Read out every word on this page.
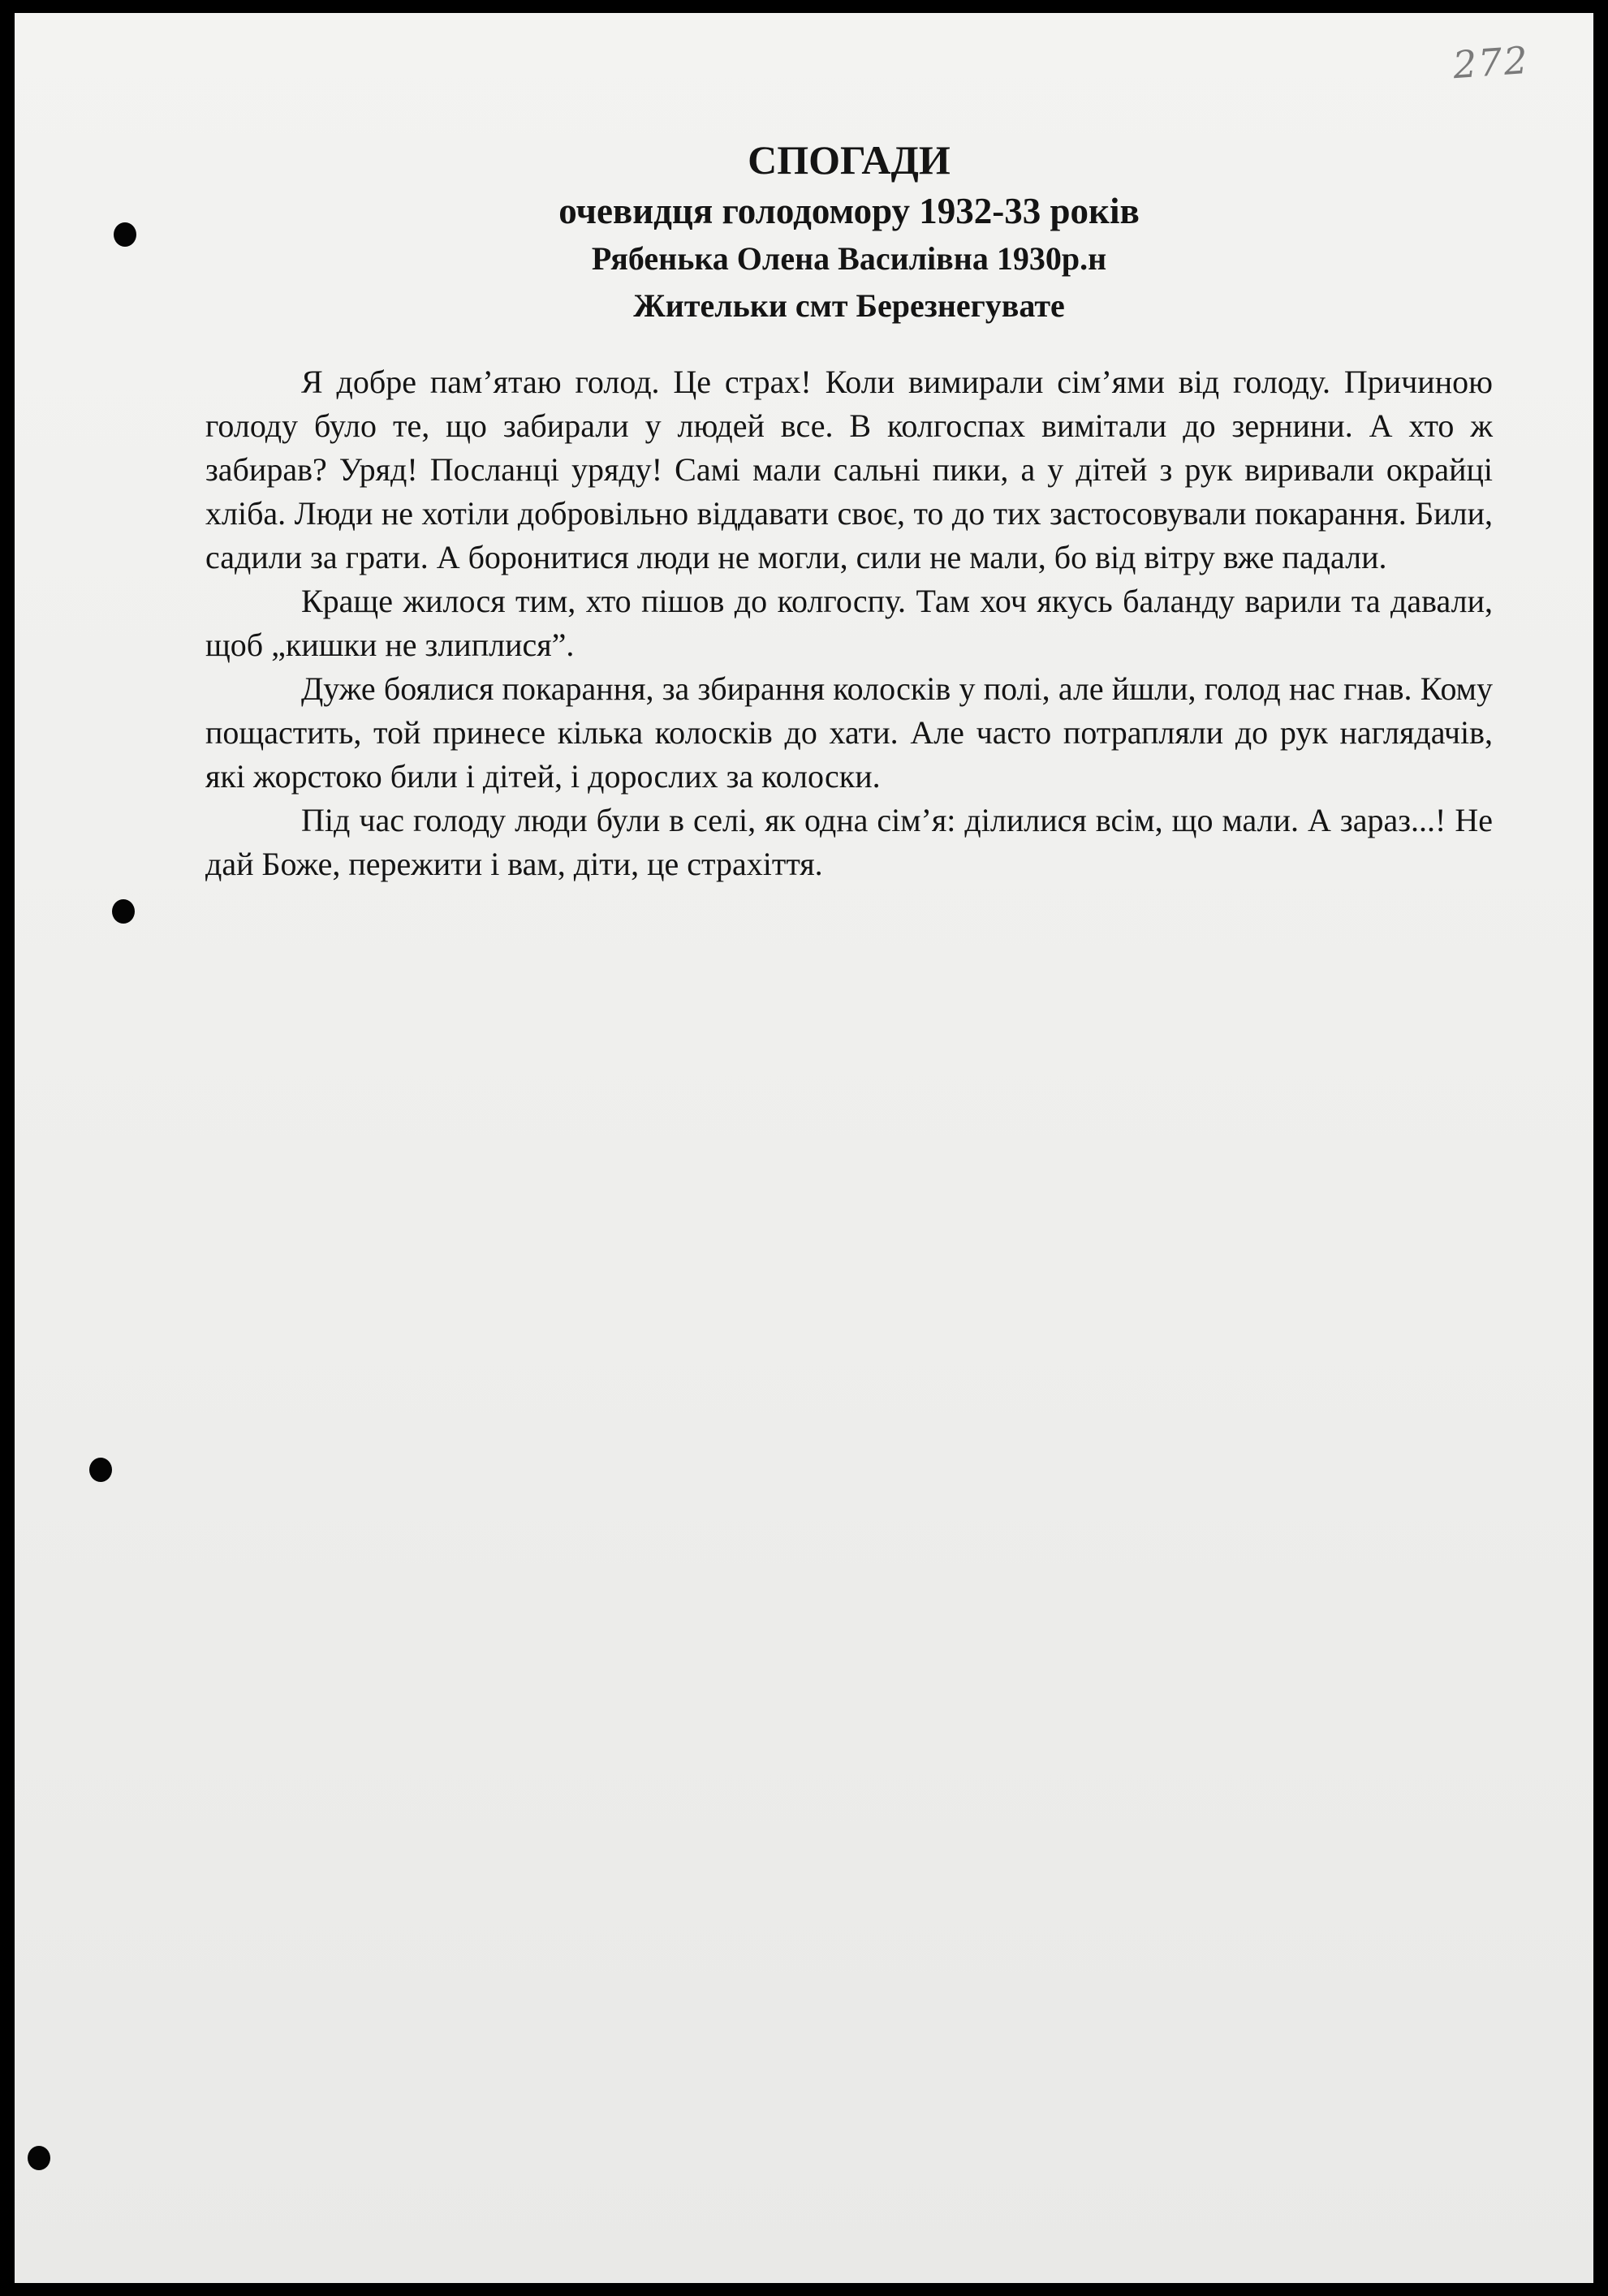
272
СПОГАДИ
очевидця голодомору 1932-33 років
Рябенька Олена Василівна 1930р.н
Жительки смт Березнегувате

Я добре пам’ятаю голод. Це страх! Коли вимирали сім’ями від голоду. Причиною голоду було те, що забирали у людей все. В колгоспах вимітали до зернини. А хто ж забирав? Уряд! Посланці уряду! Самі мали сальні пики, а у дітей з рук виривали окрайці хліба. Люди не хотіли добровільно віддавати своє, то до тих застосовували покарання. Били, садили за грати. А боронитися люди не могли, сили не мали, бо від вітру вже падали.

Краще жилося тим, хто пішов до колгоспу. Там хоч якусь баланду варили та давали, щоб „кишки не злиплися”.

Дуже боялися покарання, за збирання колосків у полі, але йшли, голод нас гнав. Кому пощастить, той принесе кілька колосків до хати. Але часто потрапляли до рук наглядачів, які жорстоко били і дітей, і дорослих за колоски.

Під час голоду люди були в селі, як одна сім’я: ділилися всім, що мали. А зараз...! Не дай Боже, пережити і вам, діти, це страхіття.
